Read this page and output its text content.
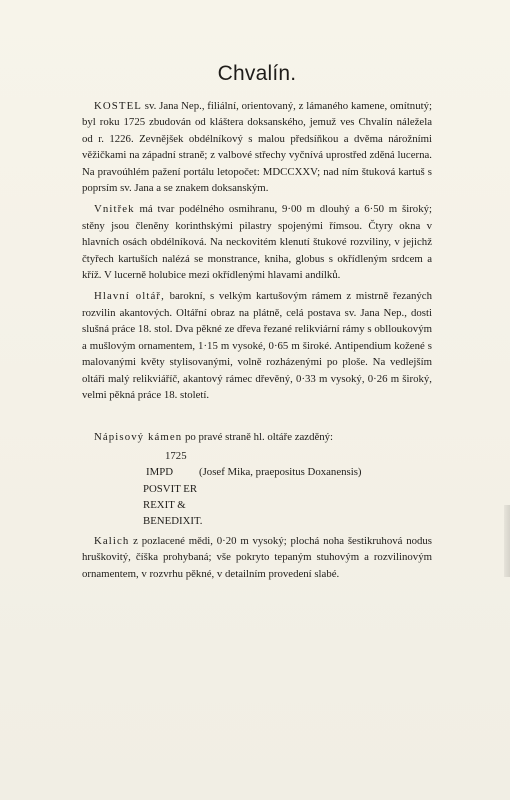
Chvalín.

KOSTEL sv. Jana Nep., filiální, orientovaný, z lámaného kamene, omítnutý; byl roku 1725 zbudován od kláštera doksanského, jemuž ves Chvalín náležela od r. 1226. Zevnějšek obdélníkový s malou předsíňkou a dvěma nárožními věžičkami na západní straně; z valbové střechy vyčnívá uprostřed zděná lucerna. Na pravoúhlém pažení portálu letopočet: MDCCXXV; nad ním štuková kartuš s poprsím sv. Jana a se znakem doksanským.

Vnitřek má tvar podélného osmihranu, 9·00 m dlouhý a 6·50 m široký; stěny jsou členěny korinthskými pilastry spojenými římsou. Čtyry okna v hlavních osách obdélníková. Na neckovitém klenutí štukové rozviliny, v jejichž čtyřech kartuších nalézá se monstrance, kniha, globus s okřídleným srdcem a kříž. V lucerně holubice mezi okřídlenými hlavami andílků.

Hlavní oltář, barokní, s velkým kartušovým rámem z mistrně řezaných rozvilin akantových. Oltářní obraz na plátně, celá postava sv. Jana Nep., dosti slušná práce 18. stol. Dva pěkné ze dřeva řezané relikviární rámy s oblloukovým a mušlovým ornamentem, 1·15 m vysoké, 0·65 m široké. Antipendium kožené s malovanými květy stylisovanými, volně rozházenými po ploše. Na vedlejším oltáři malý relikviáříč, akantový rámec dřevěný, 0·33 m vysoký, 0·26 m široký, velmi pěkná práce 18. století.

Nápisový kámen po pravé straně hl. oltáře zazděný:

1725
IMPD (Josef Mika, praepositus Doxanensis)
POSVIT ER
REXIT &
BENEDIXIT.

Kalich z pozlacené mědi, 0·20 m vysoký; plochá noha šestikruhová nodus hruškovitý, číška prohybaná; vše pokryto tepaným stuhovým a rozvilinovým ornamentem, v rozvrhu pěkné, v detailním provedení slabé.
